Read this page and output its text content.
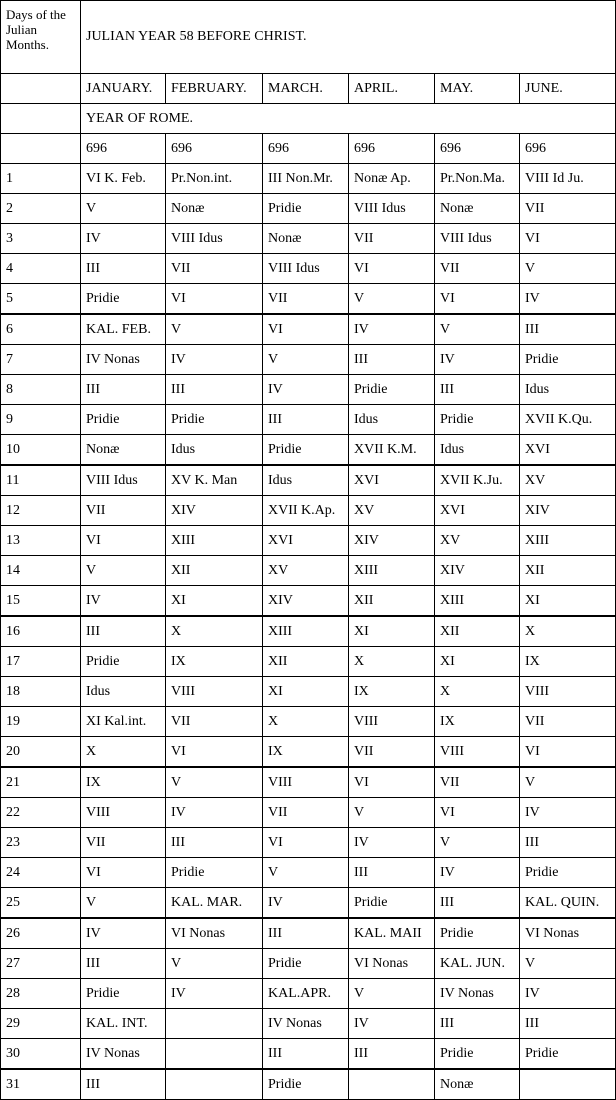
Days of the Julian Months.	JULIAN YEAR 58 BEFORE CHRIST.					
	JANUARY.	FEBRUARY.	MARCH.	APRIL.	MAY.	JUNE.
	YEAR OF ROME.					
	696	696	696	696	696	696
1	VI K. Feb.	Pr.Non.int.	III Non.Mr.	Nonæ Ap.	Pr.Non.Ma.	VIII Id Ju.
2	V	Nonæ	Pridie	VIII Idus	Nonæ	VII
3	IV	VIII Idus	Nonæ	VII	VIII Idus	VI
4	III	VII	VIII Idus	VI	VII	V
5	Pridie	VI	VII	V	VI	IV
6	KAL. FEB.	V	VI	IV	V	III
7	IV Nonas	IV	V	III	IV	Pridie
8	III	III	IV	Pridie	III	Idus
9	Pridie	Pridie	III	Idus	Pridie	XVII K.Qu.
10	Nonæ	Idus	Pridie	XVII K.M.	Idus	XVI
11	VIII Idus	XV K. Man	Idus	XVI	XVII K.Ju.	XV
12	VII	XIV	XVII K.Ap.	XV	XVI	XIV
13	VI	XIII	XVI	XIV	XV	XIII
14	V	XII	XV	XIII	XIV	XII
15	IV	XI	XIV	XII	XIII	XI
16	III	X	XIII	XI	XII	X
17	Pridie	IX	XII	X	XI	IX
18	Idus	VIII	XI	IX	X	VIII
19	XI Kal.int.	VII	X	VIII	IX	VII
20	X	VI	IX	VII	VIII	VI
21	IX	V	VIII	VI	VII	V
22	VIII	IV	VII	V	VI	IV
23	VII	III	VI	IV	V	III
24	VI	Pridie	V	III	IV	Pridie
25	V	KAL. MAR.	IV	Pridie	III	KAL. QUIN.
26	IV	VI Nonas	III	KAL. MAII	Pridie	VI Nonas
27	III	V	Pridie	VI Nonas	KAL. JUN.	V
28	Pridie	IV	KAL.APR.	V	IV Nonas	IV
29	KAL. INT.		IV Nonas	IV	III	III
30	IV Nonas		III	III	Pridie	Pridie
31	III		Pridie		Nonæ	
